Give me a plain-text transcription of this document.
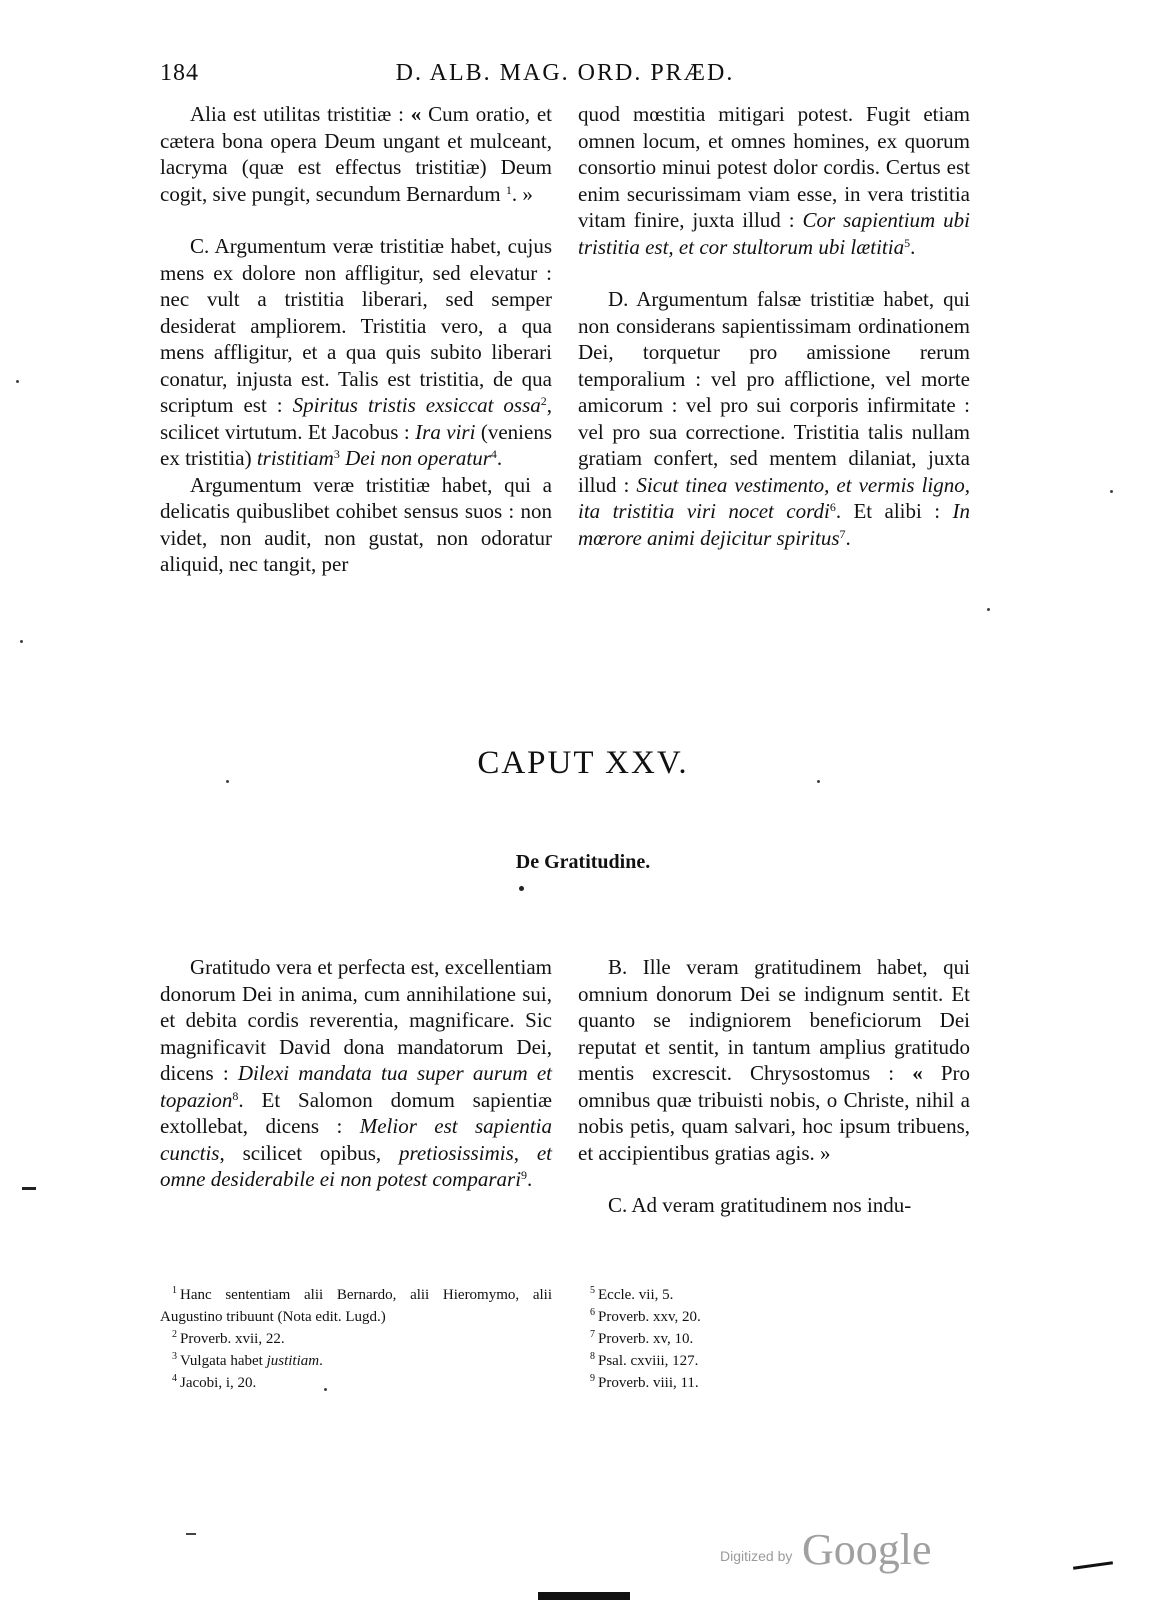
184	D. ALB. MAG. ORD. PRÆD.

Alia est utilitas tristitiæ : « Cum oratio, et cætera bona opera Deum ungant et mulceant, lacryma (quæ est effectus tristitiæ) Deum cogit, sive pungit, secundum Bernardum $^1$. »

C. Argumentum veræ tristitiæ habet, cujus mens ex dolore non affligitur, sed elevatur : nec vult a tristitia liberari, sed semper desiderat ampliorem. Tristitia vero, a qua mens affligitur, et a qua quis subito liberari conatur, injusta est. Talis est tristitia, de qua scriptum est : Spiritus tristis exsiccat ossa$^2$, scilicet virtutum. Et Jacobus : Ira viri (veniens ex tristitia) tristitiam$^3$ Dei non operatur$^4$.

Argumentum veræ tristitiæ habet, qui a delicatis quibuslibet cohibet sensus suos : non videt, non audit, non gustat, non odoratur aliquid, nec tangit, per

quod mœstitia mitigari potest. Fugit etiam omnen locum, et omnes homines, ex quorum consortio minui potest dolor cordis. Certus est enim securissimam viam esse, in vera tristitia vitam finire, juxta illud : Cor sapientium ubi tristitia est, et cor stultorum ubi lætitia$^5$.

D. Argumentum falsæ tristitiæ habet, qui non considerans sapientissimam ordinationem Dei, torquetur pro amissione rerum temporalium : vel pro afflictione, vel morte amicorum : vel pro sui corporis infirmitate : vel pro sua correctione. Tristitia talis nullam gratiam confert, sed mentem dilaniat, juxta illud : Sicut tinea vestimento, et vermis ligno, ita tristitia viri nocet cordi$^6$. Et alibi : In mœrore animi dejicitur spiritus$^7$.

CAPUT XXV.
De Gratitudine.

Gratitudo vera et perfecta est, excellentiam donorum Dei in anima, cum annihilatione sui, et debita cordis reverentia, magnificare. Sic magnificavit David dona mandatorum Dei, dicens : Dilexi mandata tua super aurum et topazion$^8$. Et Salomon domum sapientiæ extollebat, dicens : Melior est sapientia cunctis, scilicet opibus, pretiosissimis, et omne desiderabile ei non potest comparari$^9$.

B. Ille veram gratitudinem habet, qui omnium donorum Dei se indignum sentit. Et quanto se indigniorem beneficiorum Dei reputat et sentit, in tantum amplius gratitudo mentis excrescit. Chrysostomus : « Pro omnibus quæ tribuisti nobis, o Christe, nihil a nobis petis, quam salvari, hoc ipsum tribuens, et accipientibus gratias agis. »

C. Ad veram gratitudinem nos indu-

$^1$ Hanc sententiam alii Bernardo, alii Hieromymo, alii Augustino tribuunt (Nota edit. Lugd.)

$^2$ Proverb. xvii, 22.

$^3$ Vulgata habet justitiam.

$^4$ Jacobi, i, 20.

$^5$ Eccle. vii, 5.

$^6$ Proverb. xxv, 20.

$^7$ Proverb. xv, 10.

$^8$ Psal. cxviii, 127.

$^9$ Proverb. viii, 11.

Digitized by Google
